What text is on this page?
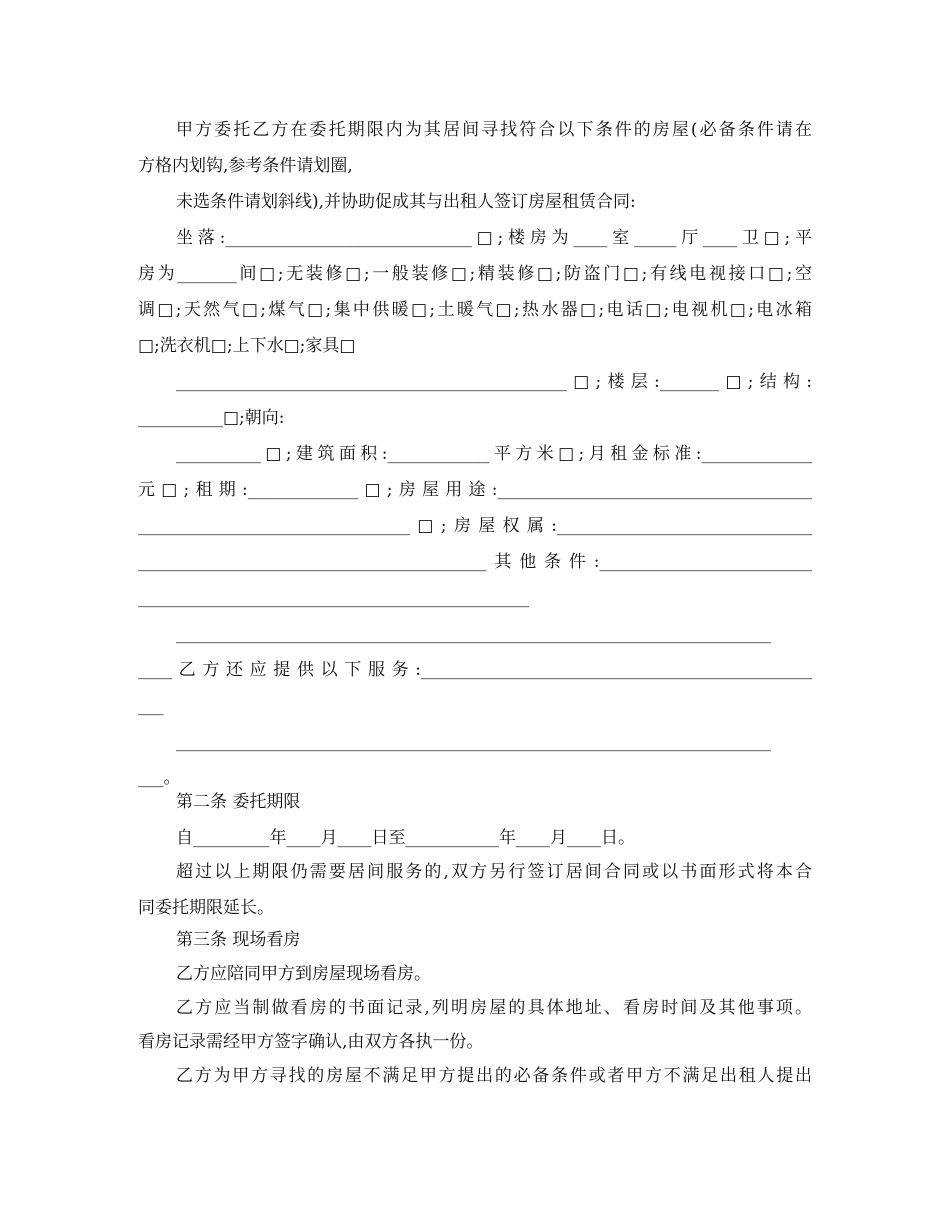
甲方委托乙方在委托期限内为其居间寻找符合以下条件的房屋(必备条件请在
方格内划钩,参考条件请划圈,
未选条件请划斜线),并协助促成其与出租人签订房屋租赁合同:
坐落:_____________________________□;楼房为____室_____厅____卫□;平
房为_______间□;无装修□;一般装修□;精装修□;防盗门□;有线电视接口□;空
调□;天然气□;煤气□;集中供暖□;土暖气□;热水器□;电话□;电视机□;电冰箱
□;洗衣机□;上下水□;家具□
______________________________________________□;楼层:_______□;结构:
__________□;朝向:
__________□;建筑面积:____________平方米□;月租金标准:_____________
元□;租期:_____________□;房屋用途:_____________________________________
________________________________□;房屋权属:______________________________
_________________________________________其他条件:_________________________
______________________________________________
______________________________________________________________________
____乙方还应提供以下服务:______________________________________________
___
______________________________________________________________________
___。
第二条 委托期限
自_________年____月____日至___________年____月____日。
超过以上期限仍需要居间服务的,双方另行签订居间合同或以书面形式将本合
同委托期限延长。
第三条 现场看房
乙方应陪同甲方到房屋现场看房。
乙方应当制做看房的书面记录,列明房屋的具体地址、看房时间及其他事项。
看房记录需经甲方签字确认,由双方各执一份。
乙方为甲方寻找的房屋不满足甲方提出的必备条件或者甲方不满足出租人提出
